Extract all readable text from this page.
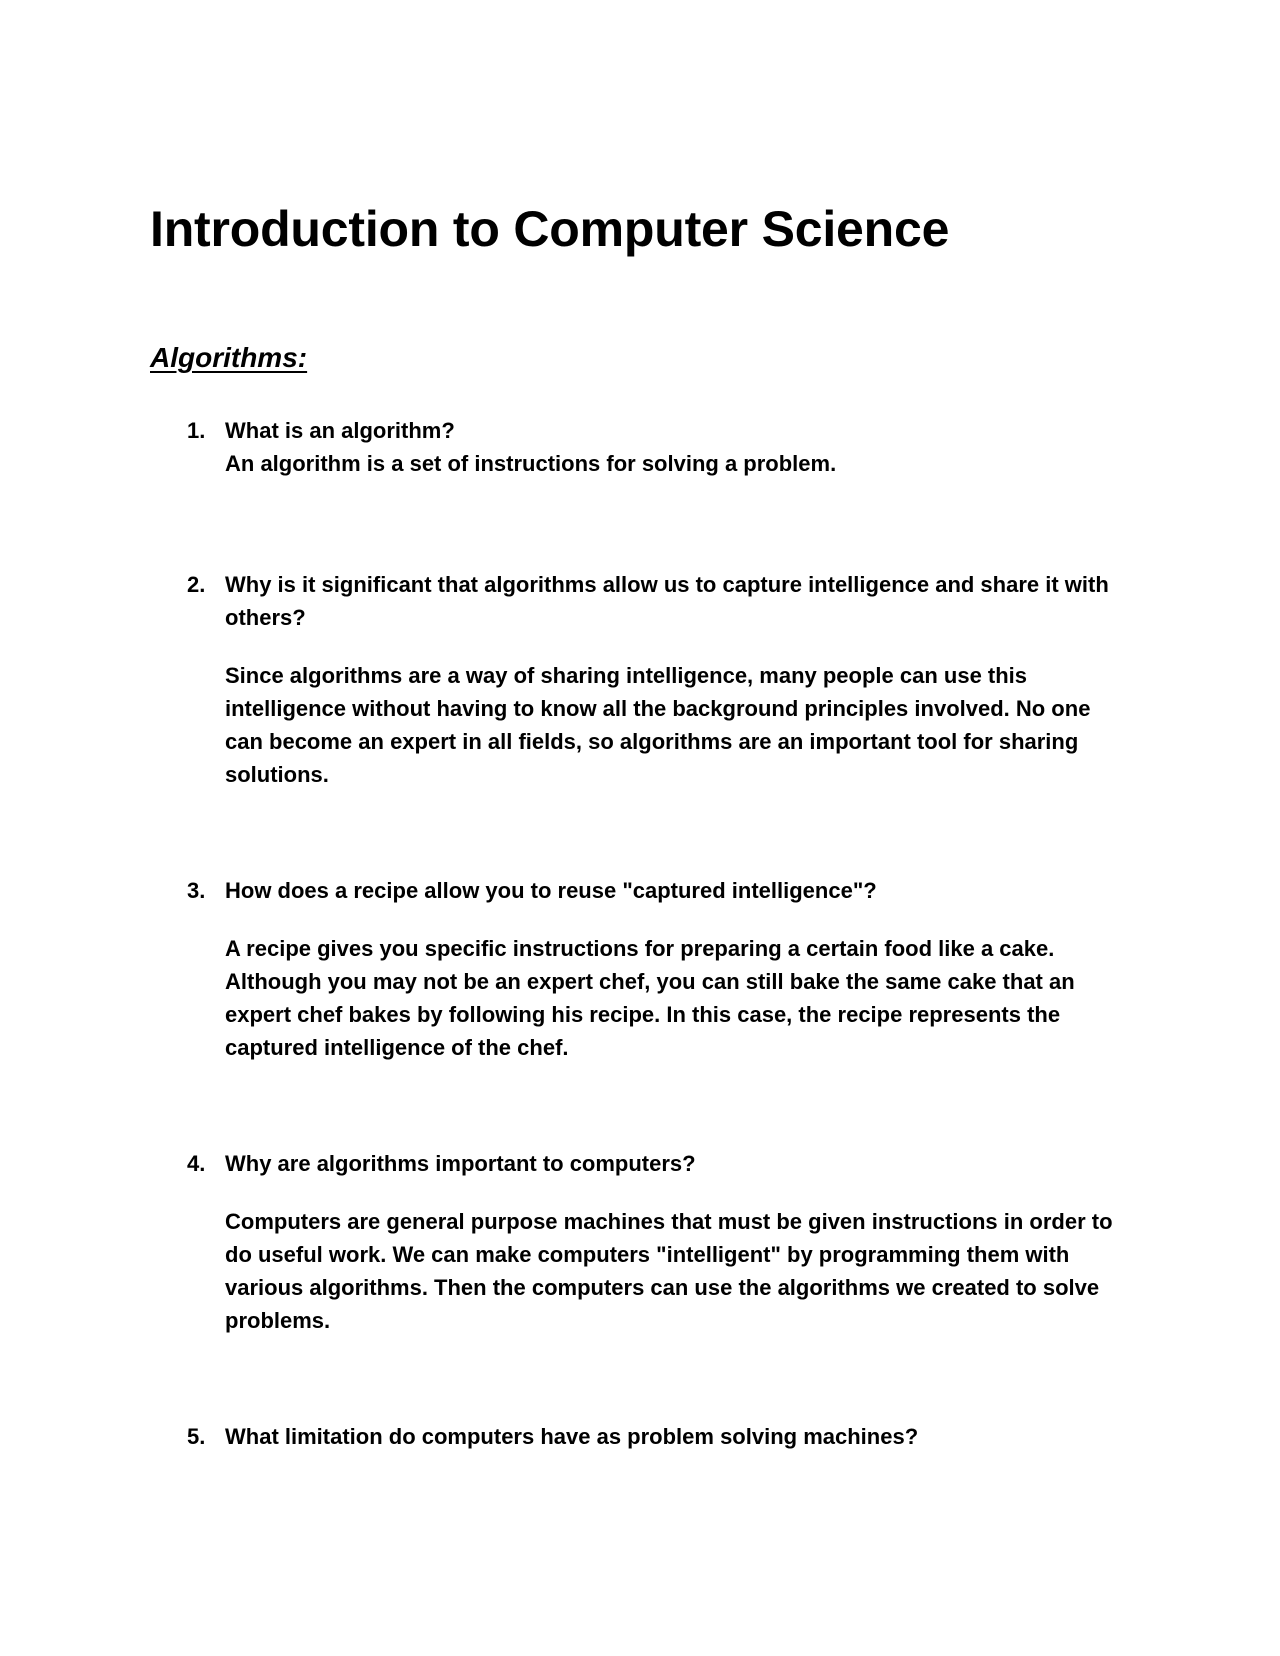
Introduction to Computer Science
Algorithms:
1. What is an algorithm?

An algorithm is a set of instructions for solving a problem.

2. Why is it significant that algorithms allow us to capture intelligence and share it with others?

Since algorithms are a way of sharing intelligence, many people can use this intelligence without having to know all the background principles involved. No one can become an expert in all fields, so algorithms are an important tool for sharing solutions.

3. How does a recipe allow you to reuse "captured intelligence"?

A recipe gives you specific instructions for preparing a certain food like a cake. Although you may not be an expert chef, you can still bake the same cake that an expert chef bakes by following his recipe. In this case, the recipe represents the captured intelligence of the chef.

4. Why are algorithms important to computers?

Computers are general purpose machines that must be given instructions in order to do useful work. We can make computers "intelligent" by programming them with various algorithms. Then the computers can use the algorithms we created to solve problems.

5. What limitation do computers have as problem solving machines?
